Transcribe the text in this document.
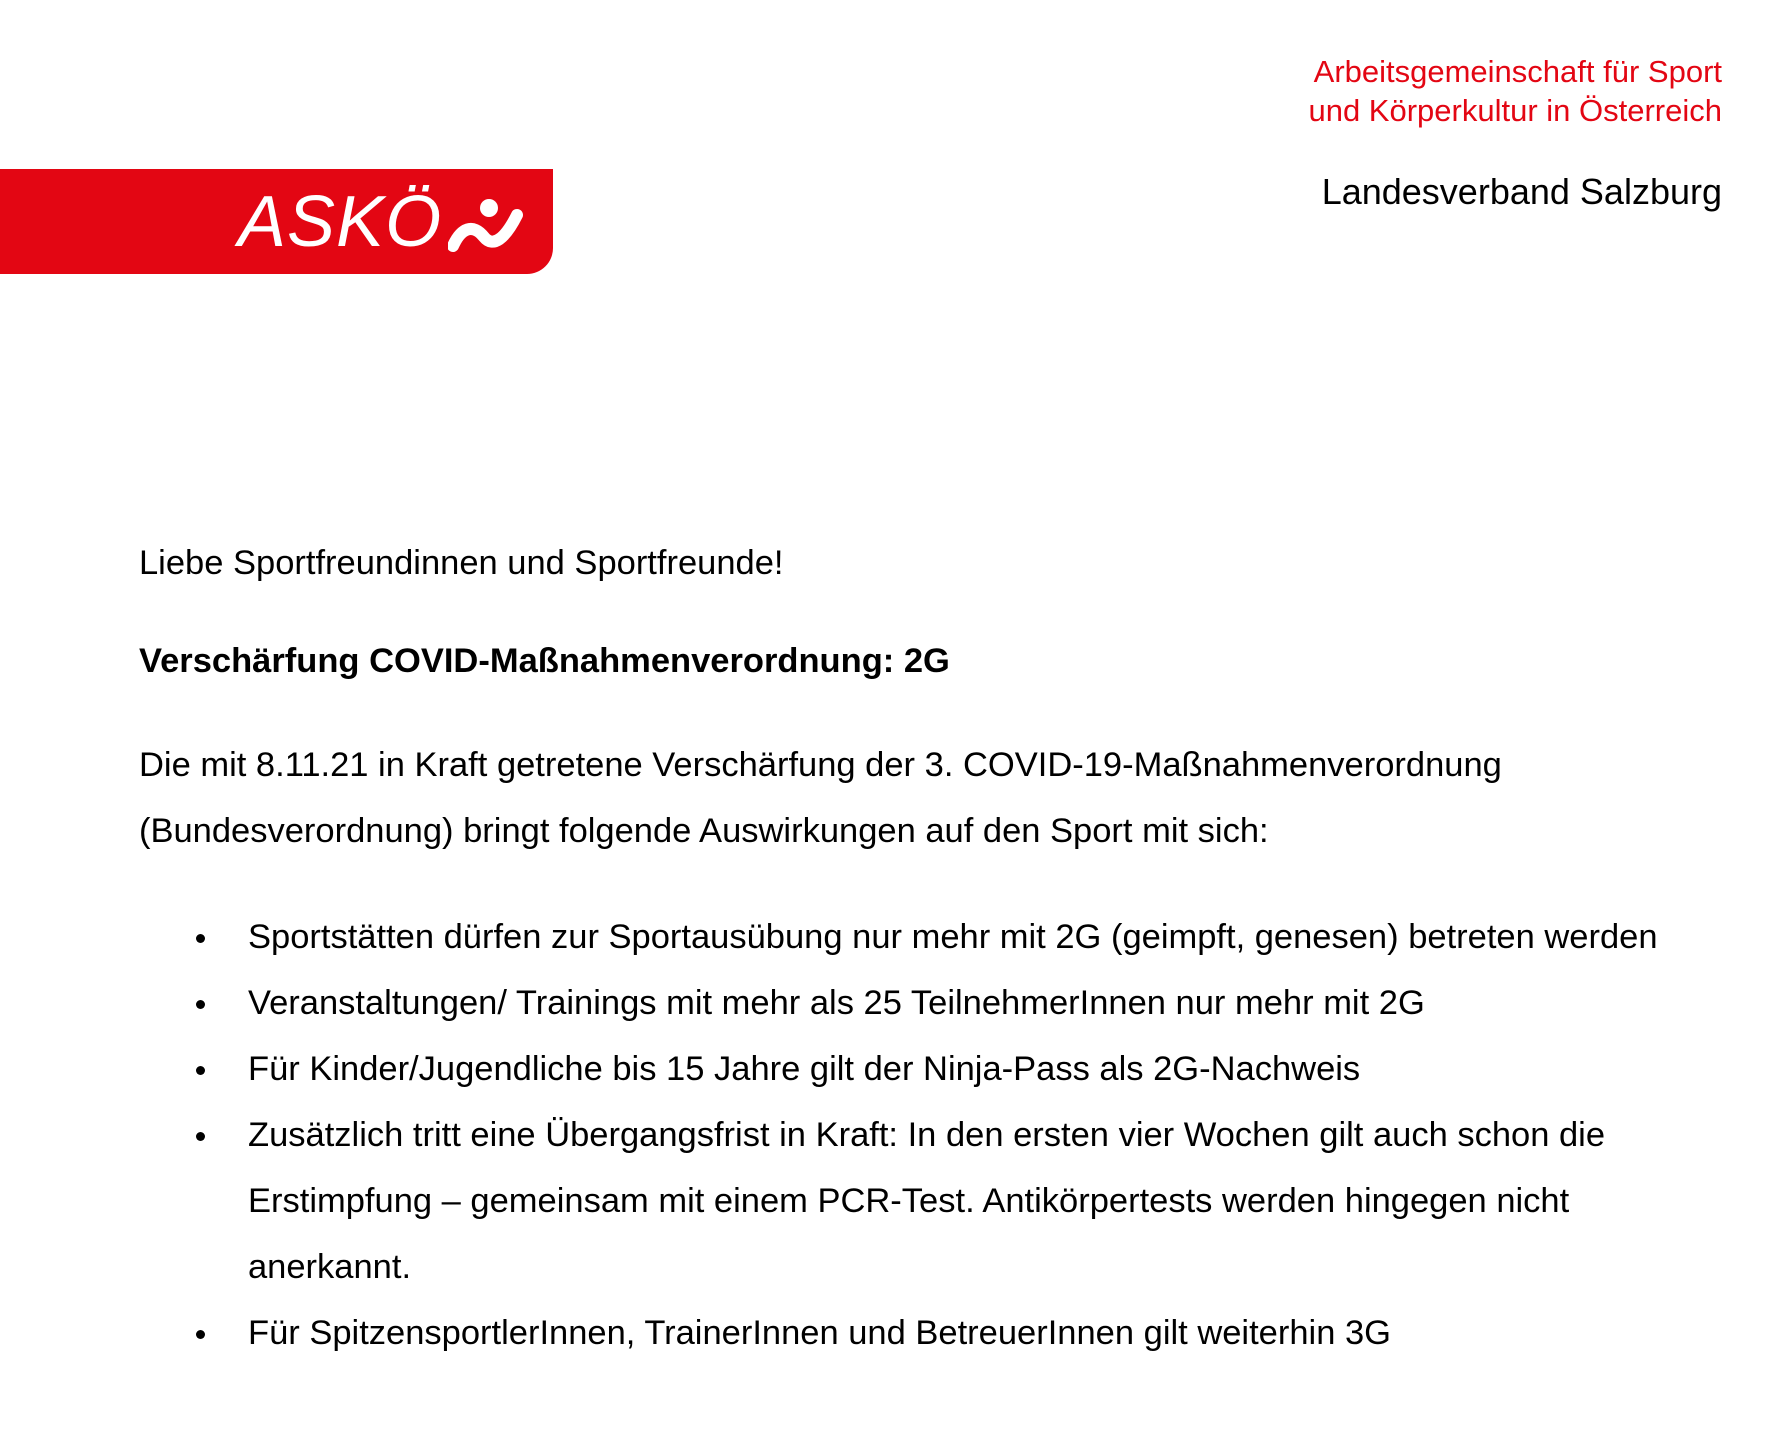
Arbeitsgemeinschaft für Sport
und Körperkultur in Österreich
Landesverband Salzburg
ASKÖ

Liebe Sportfreundinnen und Sportfreunde!

Verschärfung COVID-Maßnahmenverordnung: 2G

Die mit 8.11.21 in Kraft getretene Verschärfung der 3. COVID-19-Maßnahmenverordnung (Bundesverordnung) bringt folgende Auswirkungen auf den Sport mit sich:

Sportstätten dürfen zur Sportausübung nur mehr mit 2G (geimpft, genesen) betreten werden
Veranstaltungen/ Trainings mit mehr als 25 TeilnehmerInnen nur mehr mit 2G
Für Kinder/Jugendliche bis 15 Jahre gilt der Ninja-Pass als 2G-Nachweis
Zusätzlich tritt eine Übergangsfrist in Kraft: In den ersten vier Wochen gilt auch schon die Erstimpfung – gemeinsam mit einem PCR-Test. Antikörpertests werden hingegen nicht anerkannt.
Für SpitzensportlerInnen, TrainerInnen und BetreuerInnen gilt weiterhin 3G
